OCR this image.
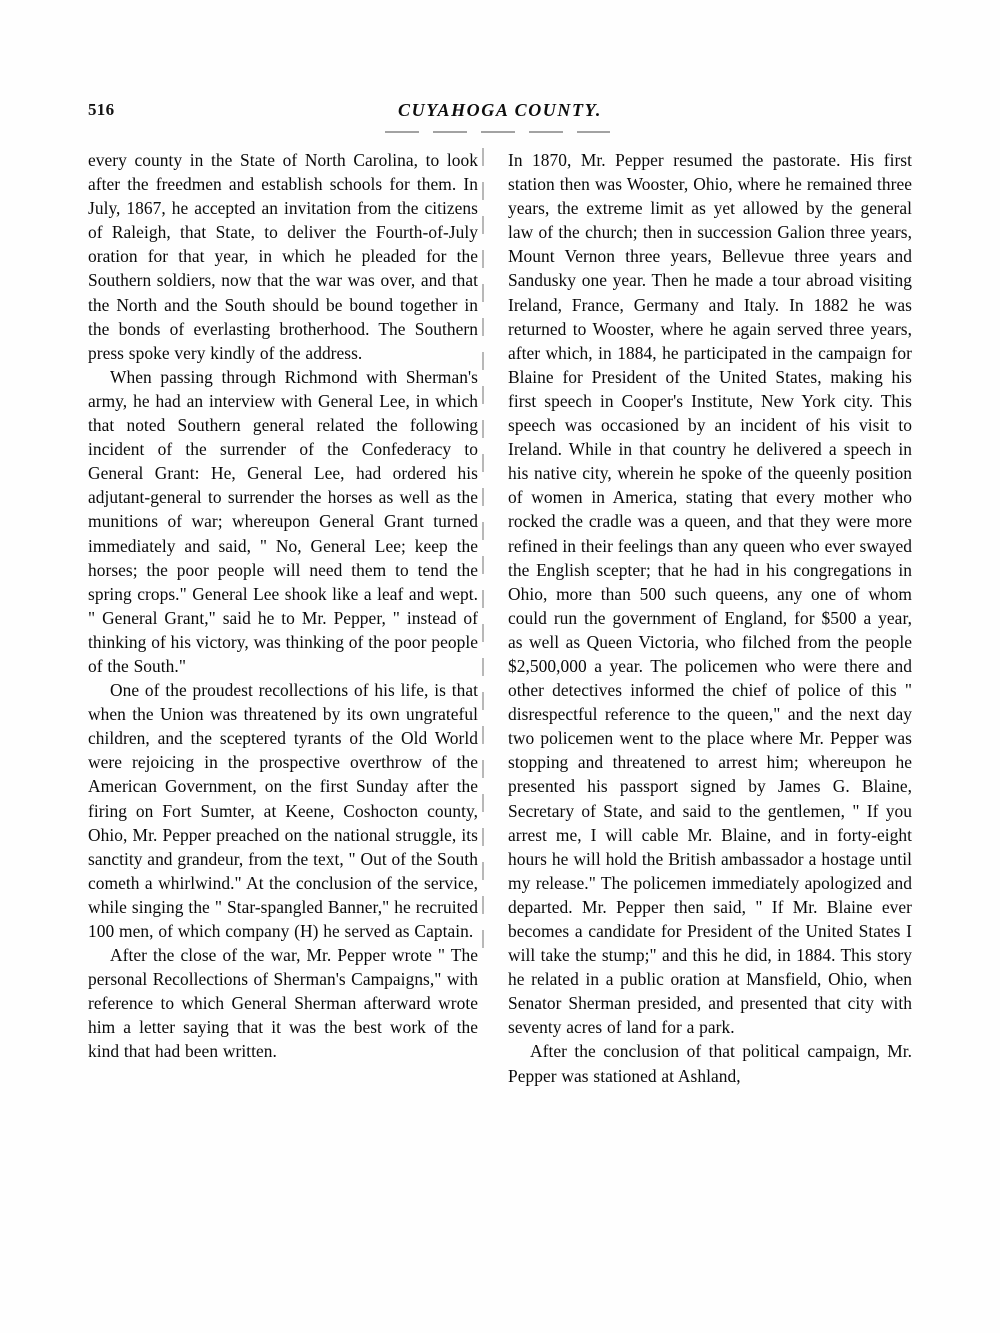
516	CUYAHOGA COUNTY.

every county in the State of North Carolina, to look after the freedmen and establish schools for them. In July, 1867, he accepted an invitation from the citizens of Raleigh, that State, to deliver the Fourth-of-July oration for that year, in which he pleaded for the Southern soldiers, now that the war was over, and that the North and the South should be bound together in the bonds of everlasting brotherhood. The Southern press spoke very kindly of the address.

When passing through Richmond with Sherman's army, he had an interview with General Lee, in which that noted Southern general related the following incident of the surrender of the Confederacy to General Grant: He, General Lee, had ordered his adjutant-general to surrender the horses as well as the munitions of war; whereupon General Grant turned immediately and said, " No, General Lee; keep the horses; the poor people will need them to tend the spring crops." General Lee shook like a leaf and wept. " General Grant," said he to Mr. Pepper, " instead of thinking of his victory, was thinking of the poor people of the South."

One of the proudest recollections of his life, is that when the Union was threatened by its own ungrateful children, and the sceptered tyrants of the Old World were rejoicing in the prospective overthrow of the American Government, on the first Sunday after the firing on Fort Sumter, at Keene, Coshocton county, Ohio, Mr. Pepper preached on the national struggle, its sanctity and grandeur, from the text, " Out of the South cometh a whirlwind." At the conclusion of the service, while singing the " Star-spangled Banner," he recruited 100 men, of which company (H) he served as Captain.

After the close of the war, Mr. Pepper wrote " The personal Recollections of Sherman's Campaigns," with reference to which General Sherman afterward wrote him a letter saying that it was the best work of the kind that had been written.

In 1870, Mr. Pepper resumed the pastorate. His first station then was Wooster, Ohio, where he remained three years, the extreme limit as yet allowed by the general law of the church; then in succession Galion three years, Mount Vernon three years, Bellevue three years and Sandusky one year. Then he made a tour abroad visiting Ireland, France, Germany and Italy. In 1882 he was returned to Wooster, where he again served three years, after which, in 1884, he participated in the campaign for Blaine for President of the United States, making his first speech in Cooper's Institute, New York city. This speech was occasioned by an incident of his visit to Ireland. While in that country he delivered a speech in his native city, wherein he spoke of the queenly position of women in America, stating that every mother who rocked the cradle was a queen, and that they were more refined in their feelings than any queen who ever swayed the English scepter; that he had in his congregations in Ohio, more than 500 such queens, any one of whom could run the government of England, for $500 a year, as well as Queen Victoria, who filched from the people $2,500,000 a year. The policemen who were there and other detectives informed the chief of police of this " disrespectful reference to the queen," and the next day two policemen went to the place where Mr. Pepper was stopping and threatened to arrest him; whereupon he presented his passport signed by James G. Blaine, Secretary of State, and said to the gentlemen, " If you arrest me, I will cable Mr. Blaine, and in forty-eight hours he will hold the British ambassador a hostage until my release." The policemen immediately apologized and departed. Mr. Pepper then said, " If Mr. Blaine ever becomes a candidate for President of the United States I will take the stump;" and this he did, in 1884. This story he related in a public oration at Mansfield, Ohio, when Senator Sherman presided, and presented that city with seventy acres of land for a park.

After the conclusion of that political campaign, Mr. Pepper was stationed at Ashland,
